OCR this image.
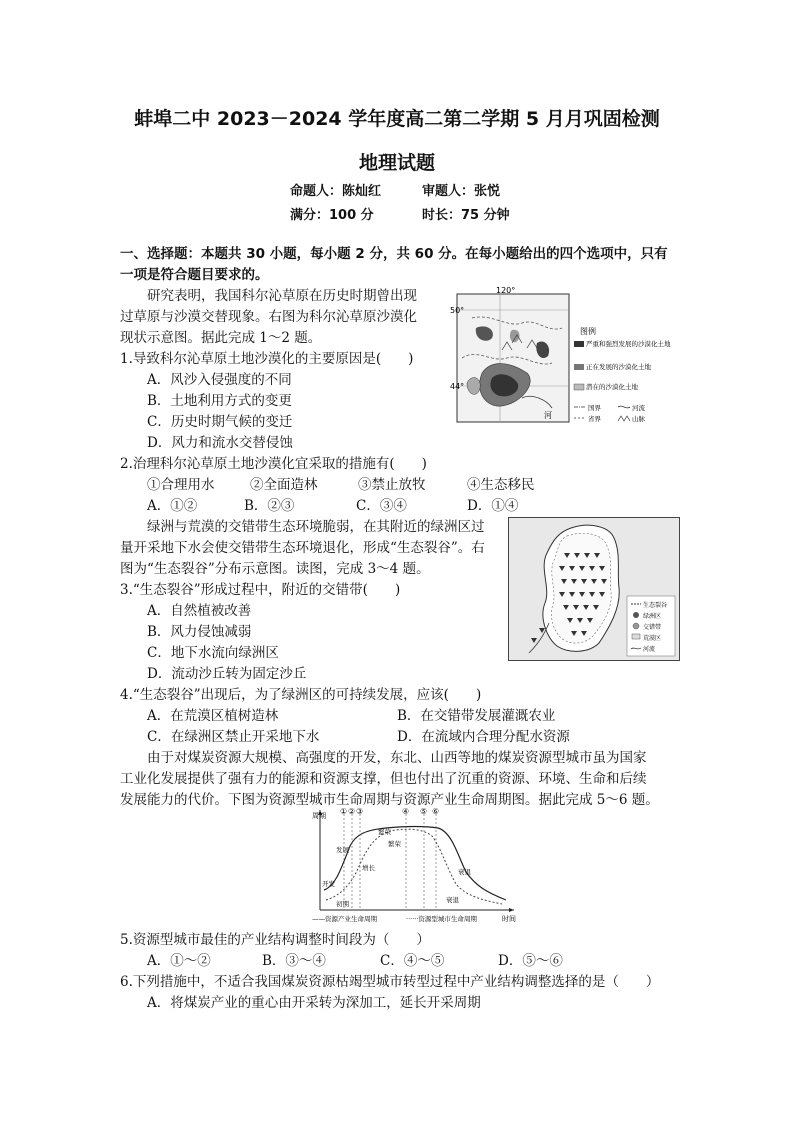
蚌埠二中 2023－2024 学年度高二第二学期 5 月月巩固检测
地理试题
命题人：陈灿红	审题人：张悦
满分：100 分	时长：75 分钟
一、选择题：本题共 30 小题，每小题 2 分，共 60 分。在每小题给出的四个选项中，只有
一项是符合题目要求的。
研究表明，我国科尔沁草原在历史时期曾出现
过草原与沙漠交替现象。右图为科尔沁草原沙漠化
现状示意图。据此完成 1～2 题。
1.导致科尔沁草原土地沙漠化的主要原因是(　　)
A．风沙入侵强度的不同
B．土地利用方式的变更
C．历史时期气候的变迁
D．风力和流水交替侵蚀
120°
50°
44°
河
图例
严重和强烈发展的沙漠化土地
正在发展的沙漠化土地
潜在的沙漠化土地
国界
省界
河流
山脉
2.治理科尔沁草原土地沙漠化宜采取的措施有(　　)
①合理用水	②全面造林	③禁止放牧	④生态移民
A．①②	B．②③	C．③④	D．①④
绿洲与荒漠的交错带生态环境脆弱，在其附近的绿洲区过
量开采地下水会使交错带生态环境退化，形成“生态裂谷”。右
图为“生态裂谷”分布示意图。读图，完成 3～4 题。
3.“生态裂谷”形成过程中，附近的交错带(　　)
A．自然植被改善
B．风力侵蚀减弱
C．地下水流向绿洲区
D．流动沙丘转为固定沙丘
生态裂谷
绿洲区
交错带
荒漠区
河流
4.“生态裂谷”出现后，为了绿洲区的可持续发展，应该(　　)
A．在荒漠区植树造林	B．在交错带发展灌溉农业
C．在绿洲区禁止开采地下水	D．在流域内合理分配水资源
由于对煤炭资源大规模、高强度的开发，东北、山西等地的煤炭资源型城市虽为国家
工业化发展提供了强有力的能源和资源支撑，但也付出了沉重的资源、环境、生命和后续
发展能力的代价。下图为资源型城市生命周期与资源产业生命周期图。据此完成 5～6 题。
周期
时间
① ② ③	④ ⑤ ⑥
开发
初期
发展
增长
繁荣
繁荣
衰退
衰退
——资源产业生命周期	······资源型城市生命周期
5.资源型城市最佳的产业结构调整时间段为（　　）
A．①～②	B．③～④	C．④～⑤	D．⑤～⑥
6.下列措施中，不适合我国煤炭资源枯竭型城市转型过程中产业结构调整选择的是（　　）
A．将煤炭产业的重心由开采转为深加工，延长开采周期
